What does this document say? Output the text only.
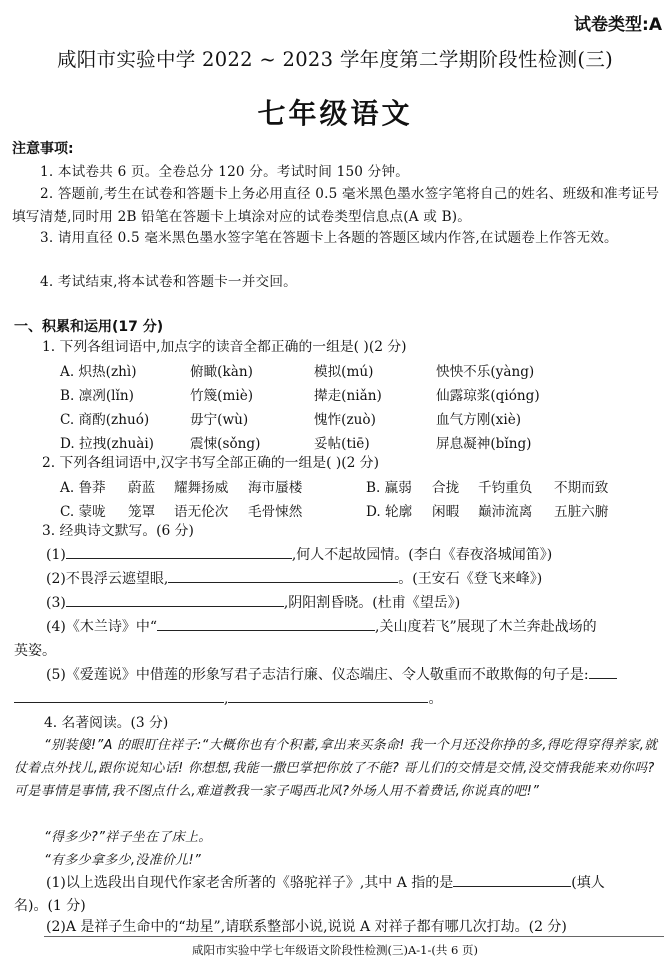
试卷类型:A
咸阳市实验中学 2022 ~ 2023 学年度第二学期阶段性检测(三)
七年级语文
注意事项:
1. 本试卷共 6 页。全卷总分 120 分。考试时间 150 分钟。
2. 答题前,考生在试卷和答题卡上务必用直径 0.5 毫米黑色墨水签字笔将自己的姓名、班级和准考证号填写清楚,同时用 2B 铅笔在答题卡上填涂对应的试卷类型信息点(A 或 B)。
3. 请用直径 0.5 毫米黑色墨水签字笔在答题卡上各题的答题区域内作答,在试题卷上作答无效。
4. 考试结束,将本试卷和答题卡一并交回。
一、积累和运用(17 分)
1. 下列各组词语中,加点字的读音全都正确的一组是( )(2 分)
A. 炽热(zhì)	俯瞰(kàn)	模拟(mú)	怏怏不乐(yàng)
B. 凛冽(lǐn)	竹篾(miè)	撵走(niǎn)	仙露琼浆(qióng)
C. 商酌(zhuó)	毋宁(wù)	愧怍(zuò)	血气方刚(xiè)
D. 拉拽(zhuài)	震悚(sǒng)	妥帖(tiē)	屏息凝神(bǐng)
2. 下列各组词语中,汉字书写全部正确的一组是( )(2 分)
A. 鲁莽 蔚蓝 耀舞扬威 海市蜃楼	B. 赢弱 合拢 千钧重负 不期而致
C. 蒙咙 笼罩 语无伦次 毛骨悚然	D. 轮廓 闲暇 巅沛流离 五脏六腑
3. 经典诗文默写。(6 分)
(1)	,何人不起故园情。(李白《春夜洛城闻笛》)
(2)不畏浮云遮望眼,	。(王安石《登飞来峰》)
(3)	,阴阳割昏晓。(杜甫《望岳》)
(4)《木兰诗》中“	,关山度若飞”展现了木兰奔赴战场的
英姿。
(5)《爱莲说》中借莲的形象写君子志洁行廉、仪态端庄、令人敬重而不敢欺侮的句子是:
,	。
4. 名著阅读。(3 分)
“别装傻!”A 的眼盯住祥子:“大概你也有个积蓄,拿出来买条命! 我一个月还没你挣的多,得吃得穿得养家,就仗着点外找儿,跟你说知心话! 你想想,我能一撒巴掌把你放了不能? 哥儿们的交情是交情,没交情我能来劝你吗? 可是事情是事情,我不图点什么,难道教我一家子喝西北风?外场人用不着费话,你说真的吧!”
“得多少?”祥子坐在了床上。
“有多少拿多少,没准价儿!”
(1)以上选段出自现代作家老舍所著的《骆驼祥子》,其中 A 指的是	(填人
名)。(1 分)
(2)A 是祥子生命中的“劫星”,请联系整部小说,说说 A 对祥子都有哪几次打劫。(2 分)
咸阳市实验中学七年级语文阶段性检测(三)A-1-(共 6 页)
